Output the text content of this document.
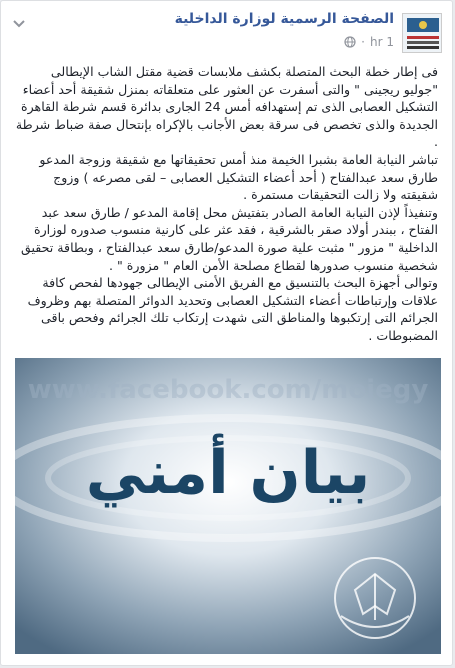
الصفحة الرسمية لوزارة الداخلية
1 hr
·

فى إطار خطة البحث المتصلة بكشف ملابسات قضية مقتل الشاب الإيطالى "جوليو ريجينى " والتى أسفرت عن العثور على متعلقاته بمنزل شقيقة أحد أعضاء التشكيل العصابى الذى تم إستهدافه أمس 24 الجارى بدائرة قسم شرطة القاهرة الجديدة والذى تخصص فى سرقة بعض الأجانب بالإكراه بإنتحال صفة ضباط شرطة .

تباشر النيابة العامة بشبرا الخيمة منذ أمس تحقيقاتها مع شقيقة وزوجة المدعو طارق سعد عبدالفتاح ( أحد أعضاء التشكيل العصابى – لقى مصرعه ) وزوج شقيقته ولا زالت التحقيقات مستمرة .

وتنفيذاً لإذن النيابة العامة الصادر بتفتيش محل إقامة المدعو / طارق سعد عبد الفتاح ، ببندر أولاد صقر بالشرقية ، فقد عثر على كارنية منسوب صدوره لوزارة الداخلية " مزور " مثبت علية صورة المدعو/طارق سعد عبدالفتاح ، وبطاقة تحقيق شخصية منسوب صدورها لقطاع مصلحة الأمن العام " مزورة " .

وتوالى أجهزة البحث بالتنسيق مع الفريق الأمنى الإيطالى جهودها لفحص كافة علاقات وإرتباطات أعضاء التشكيل العصابى وتحديد الدوائر المتصلة بهم وظروف الجرائم التى إرتكبوها والمناطق التى شهدت إرتكاب تلك الجرائم وفحص باقى المضبوطات .

www.facebook.com/moiegy
بيان أمني
